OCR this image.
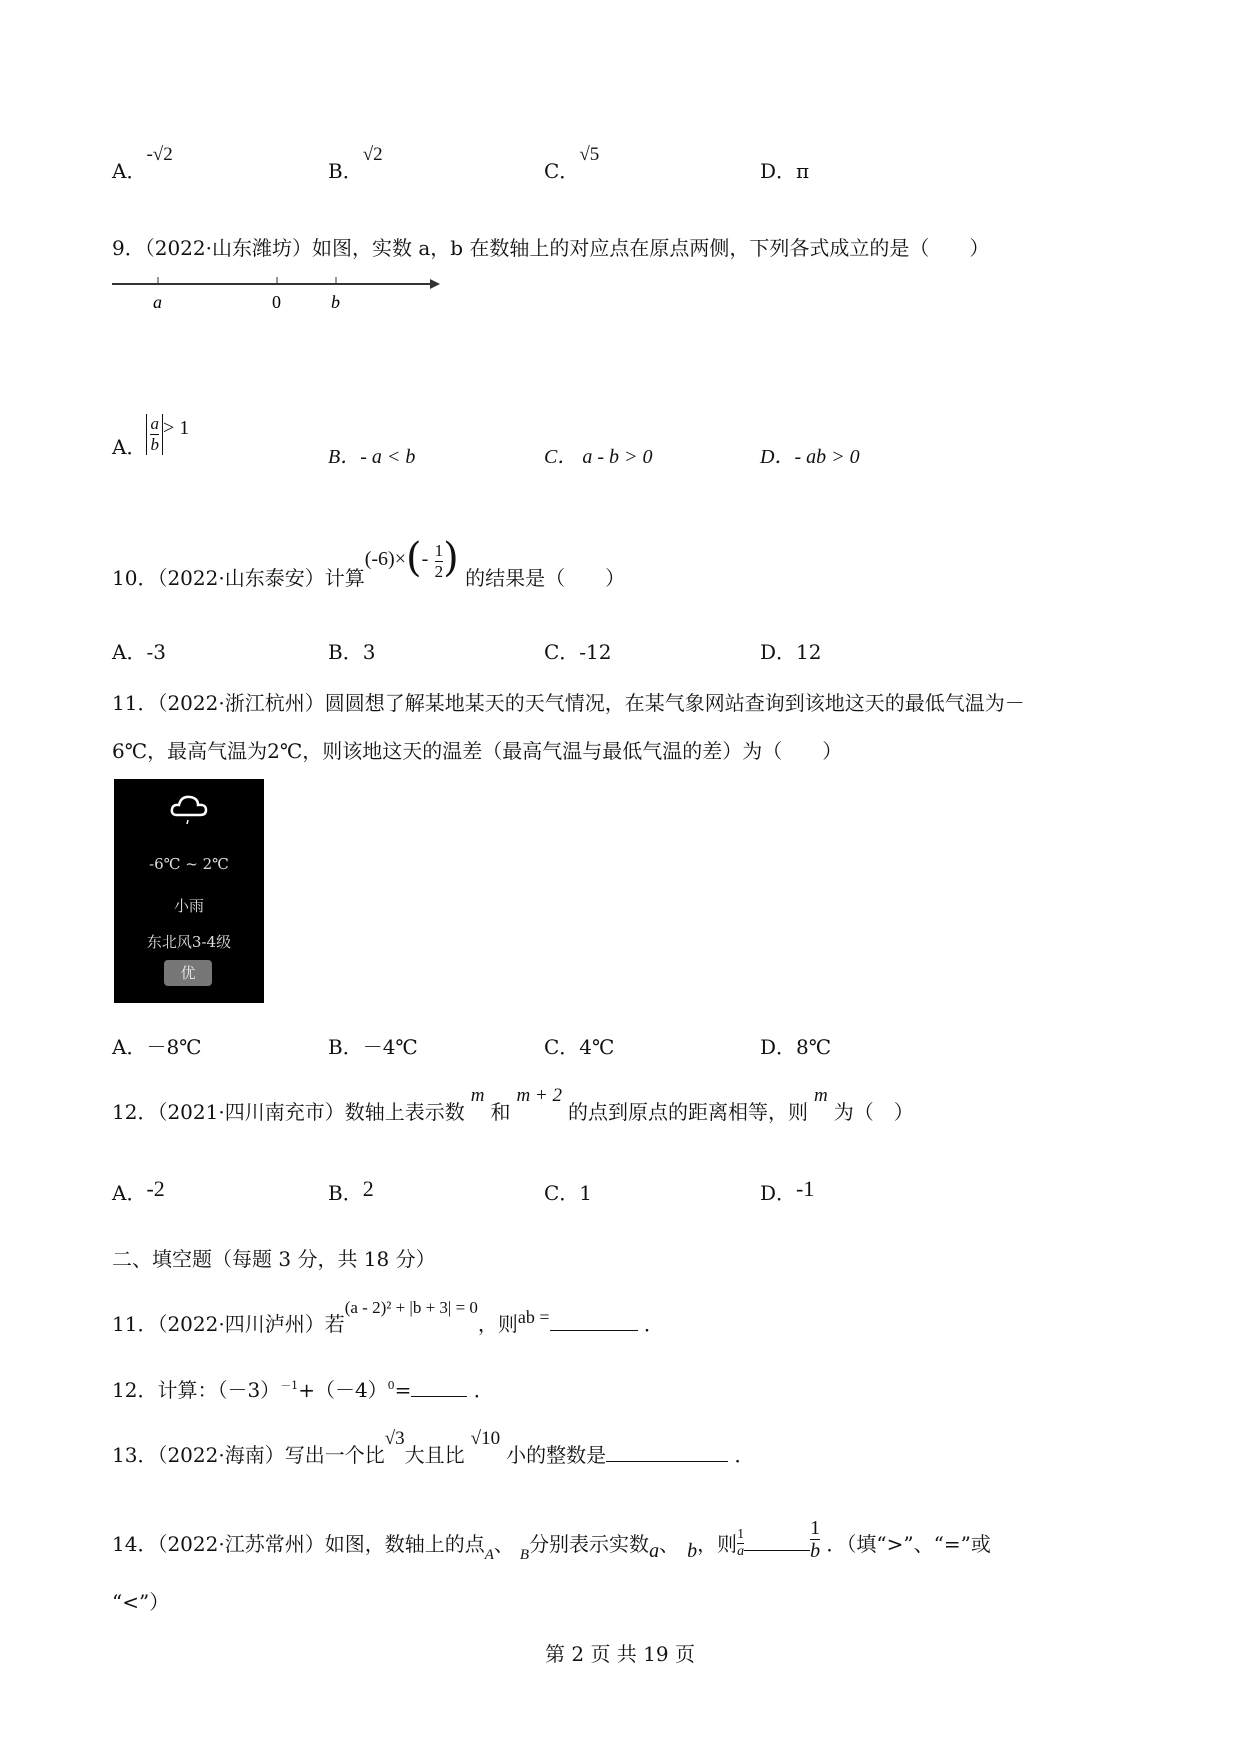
A．-√2
B．√2
C．√5
D．π
9．（2022·山东潍坊）如图，实数 a，b 在数轴上的对应点在原点两侧，下列各式成立的是（　　）
a	0	b
A． $\frac{a}{b} > 1$
B．- a < b	C． a - b > 0	D．- ab > 0
10．（2022·山东泰安）计算$(-6)\times(- \frac{1}{2}$ ) 的结果是（　　）
A．-3	B．3	C．-12	D．12
11．（2022·浙江杭州）圆圆想了解某地某天的天气情况，在某气象网站查询到该地这天的最低气温为－
6℃，最高气温为2℃，则该地这天的温差（最高气温与最低气温的差）为（　　）
-6℃ ~ 2℃
小雨
东北风3-4级
优
A．－8℃	B．－4℃	C．4℃	D．8℃
12．（2021·四川南充市）数轴上表示数m和m + 2的点到原点的距离相等，则m为（　）
A．-2	B．2	C．1	D．-1
二、填空题（每题 3 分，共 18 分）
11．（2022·四川泸州）若$^{(a - 2)^2 + |b + 3| = 0}$，则ab =	．
12．计算：$(-3)^{-1}+(-4)^0=$	．
13．（2022·海南）写出一个比√3大且比√10小的整数是	．
14．（2022·江苏常州）如图，数轴上的点$_A$、 $_B$分别表示实数a、 b，则 $\frac{1}{a}$	$\frac{1}{b}$ ．（填“>”、“=”或
“<”）
第 2 页 共 19 页
